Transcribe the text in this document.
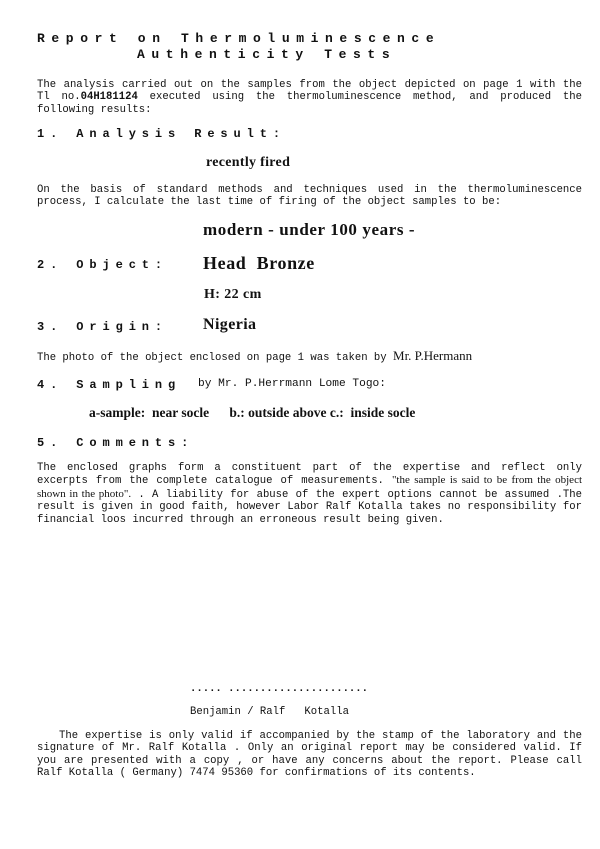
Report on Thermoluminescence
Authenticity Tests
The analysis carried out on the samples from the object depicted on page 1 with the Tl no.04H181124 executed using the thermoluminescence method, and produced the following results:
1. Analysis Result:
recently fired
On the basis of standard methods and techniques used in the thermoluminescence process, I calculate the last time of firing of the object samples to be:
modern - under 100 years -
2. Object: Head  Bronze
H: 22 cm
3. Origin: Nigeria
The photo of the object enclosed on page 1 was taken by Mr. P.Hermann
4. Sampling by Mr. P.Herrmann Lome Togo:
a-sample:  near socle      b.: outside above c.:  inside socle
5. Comments:
The enclosed graphs form a constituent part of the expertise and reflect only excerpts from the complete catalogue of measurements. "the sample is said to be from the object shown in the photo". . A liability for abuse of the expert options cannot be assumed .The result is given in good faith, however Labor Ralf Kotalla takes no responsibility for financial loos incurred through an erroneous result being given.
..... ......................
Benjamin / Ralf   Kotalla
The expertise is only valid if accompanied by the stamp of the laboratory and the signature of Mr. Ralf Kotalla . Only an original report may be considered valid. If you are presented with a copy , or have any concerns about the report. Please call Ralf Kotalla ( Germany) 7474 95360 for confirmations of its contents.
